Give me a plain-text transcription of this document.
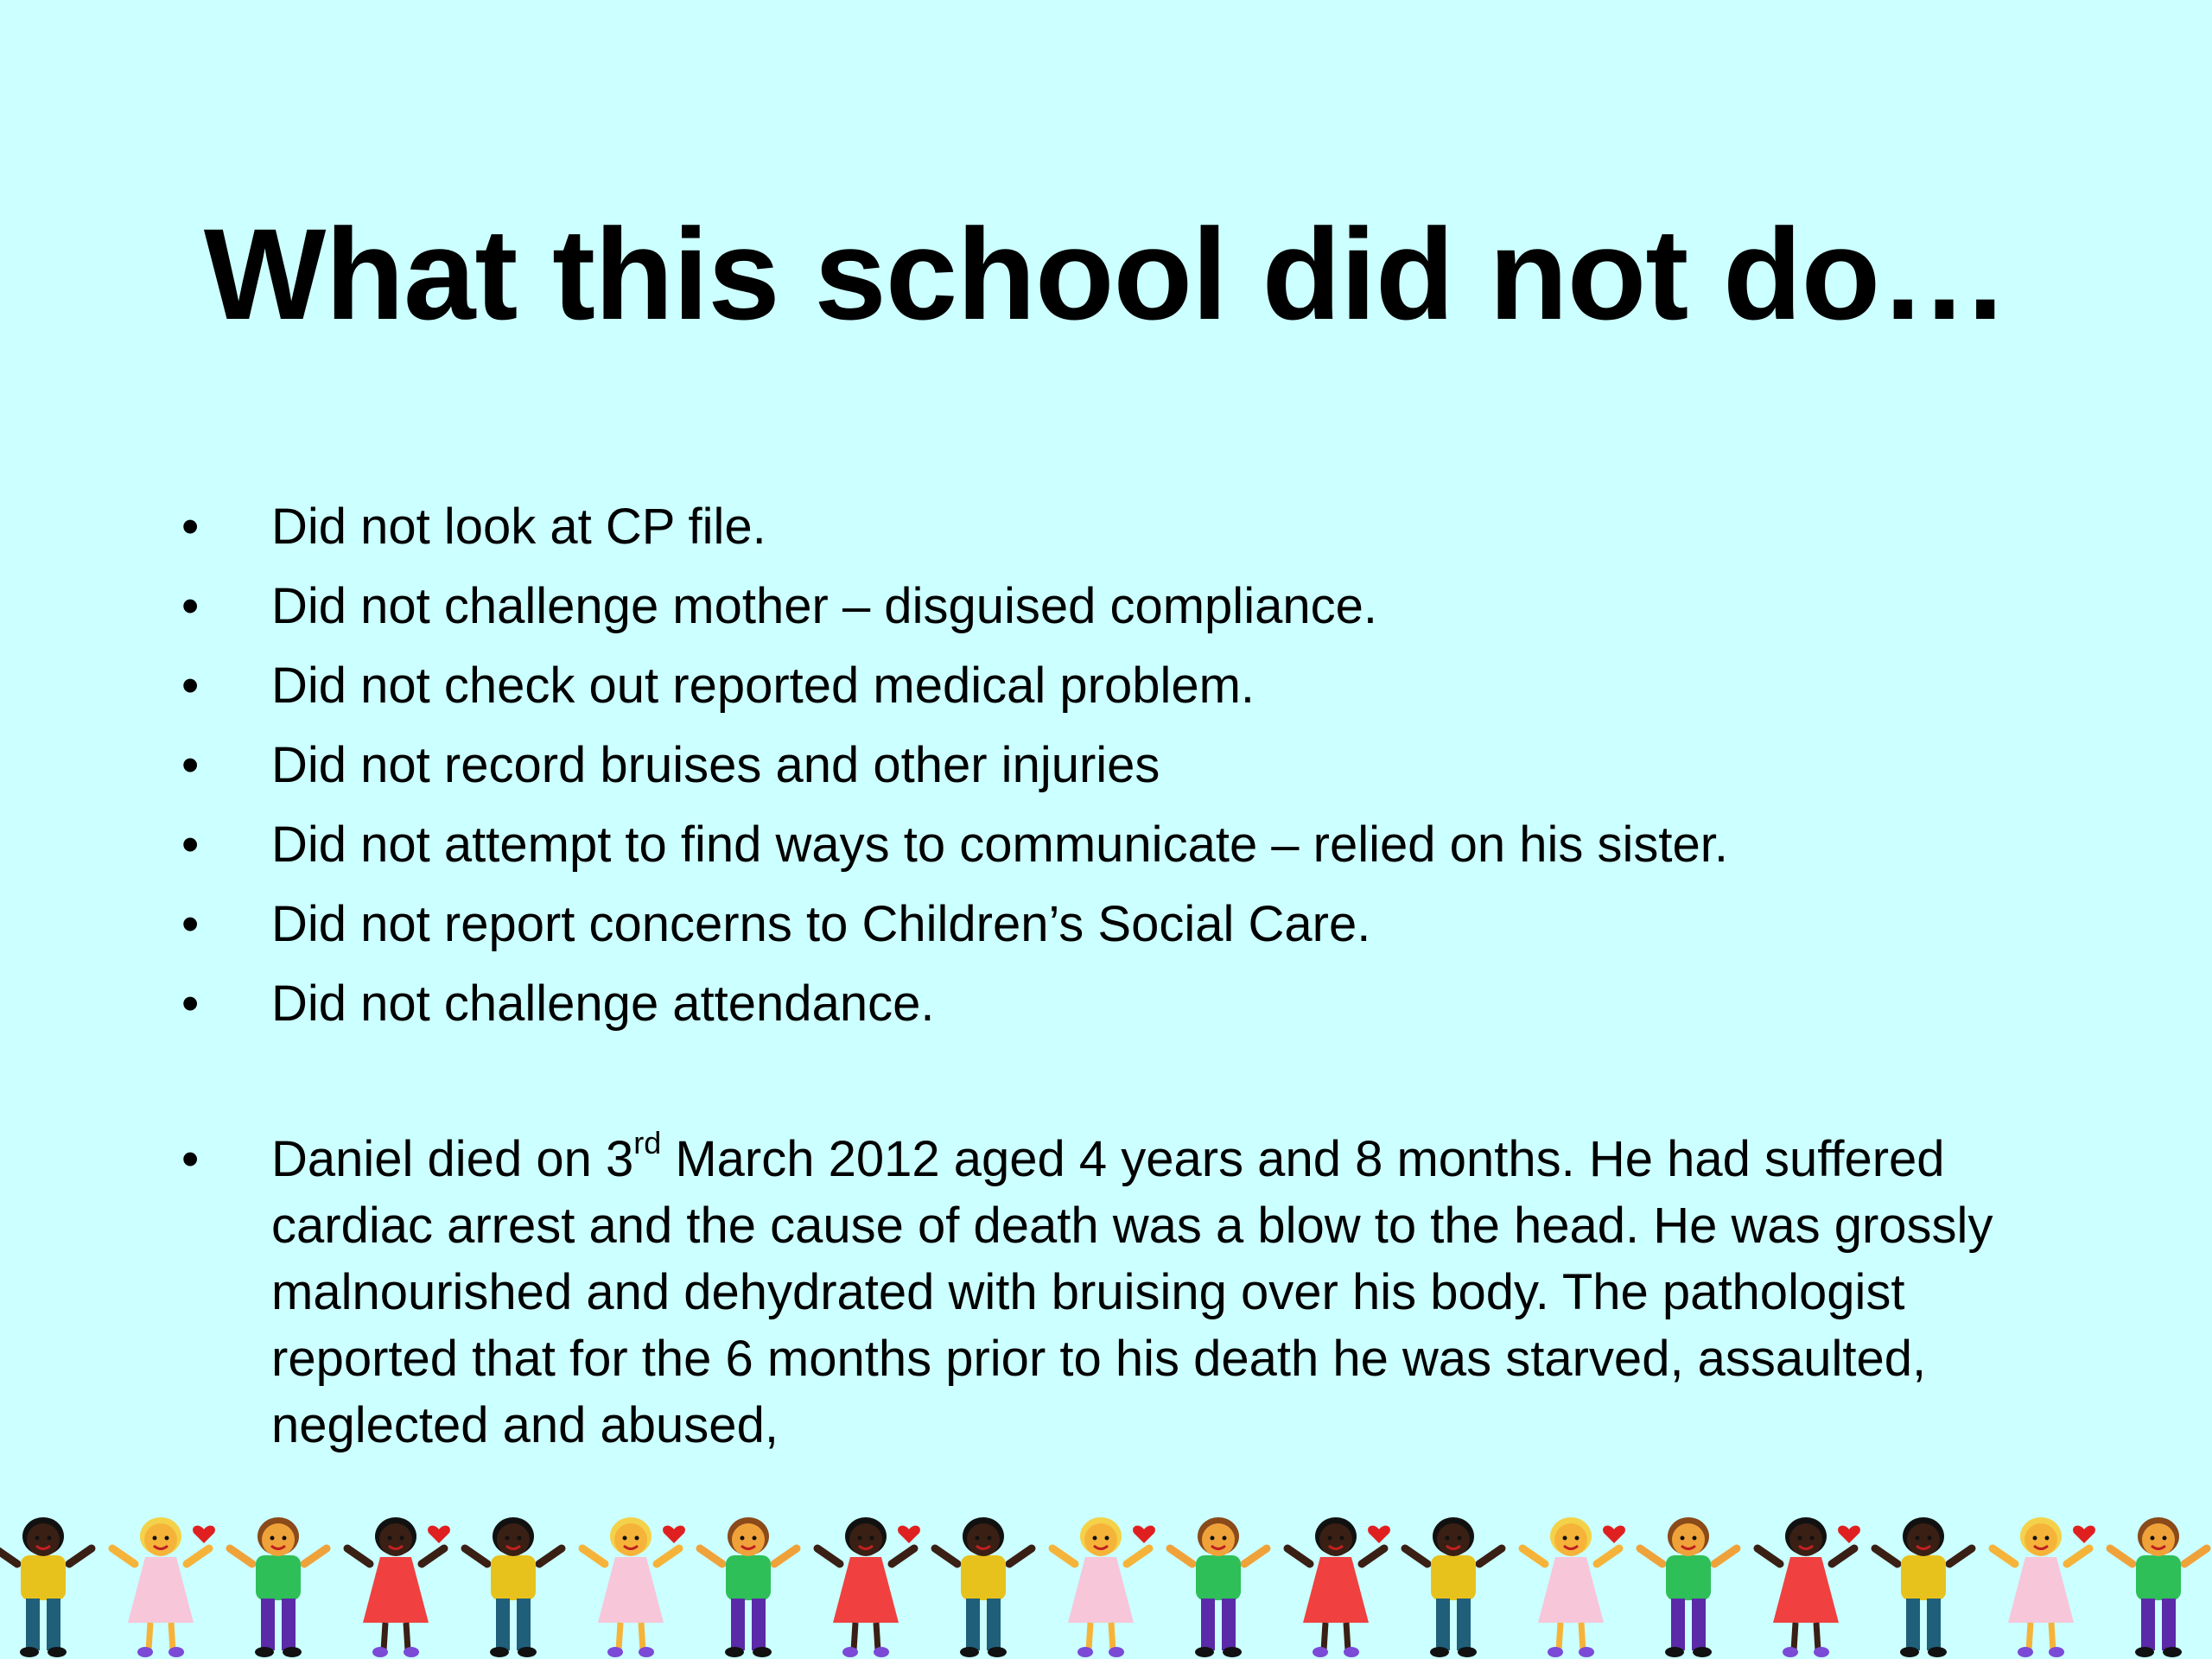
What this school did not do…
• Did not look at CP file.
• Did not challenge mother – disguised compliance.
• Did not check out reported medical problem.
• Did not record bruises and other injuries
• Did not attempt to find ways to communicate – relied on his sister.
• Did not report concerns to Children’s Social Care.
• Did not challenge attendance.
• Daniel died on 3rd March 2012 aged 4 years and 8 months. He had suffered cardiac arrest and the cause of death was a blow to the head. He was grossly malnourished and dehydrated with bruising over his body. The pathologist reported that for the 6 months prior to his death he was starved, assaulted, neglected and abused,
